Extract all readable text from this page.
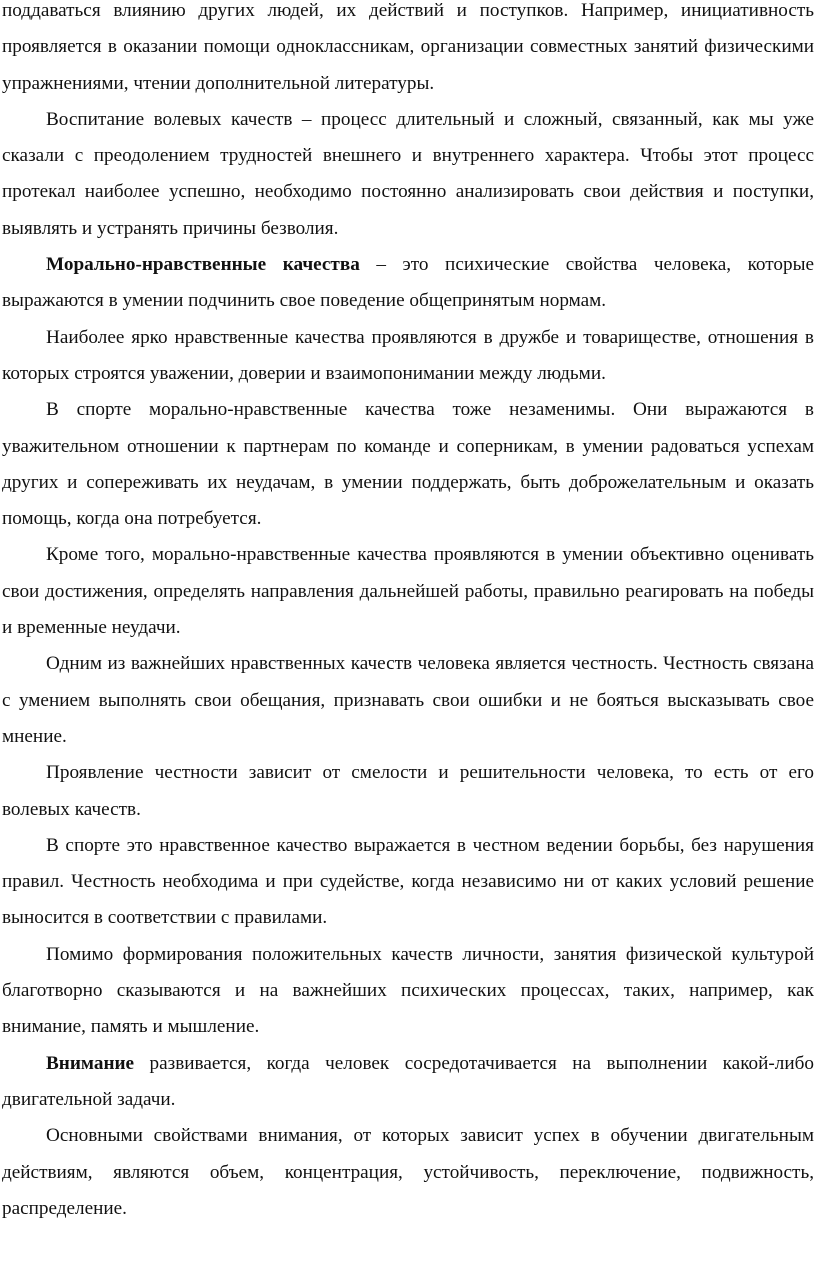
поддаваться влиянию других людей, их действий и поступков. Например, инициативность проявляется в оказании помощи одноклассникам, организации совместных занятий физическими упражнениями, чтении дополнительной литературы.

Воспитание волевых качеств – процесс длительный и сложный, связанный, как мы уже сказали с преодолением трудностей внешнего и внутреннего характера. Чтобы этот процесс протекал наиболее успешно, необходимо постоянно анализировать свои действия и поступки, выявлять и устранять причины безволия.

Морально-нравственные качества – это психические свойства человека, которые выражаются в умении подчинить свое поведение общепринятым нормам.

Наиболее ярко нравственные качества проявляются в дружбе и товариществе, отношения в которых строятся уважении, доверии и взаимопонимании между людьми.

В спорте морально-нравственные качества тоже незаменимы. Они выражаются в уважительном отношении к партнерам по команде и соперникам, в умении радоваться успехам других и сопереживать их неудачам, в умении поддержать, быть доброжелательным и оказать помощь, когда она потребуется.

Кроме того, морально-нравственные качества проявляются в умении объективно оценивать свои достижения, определять направления дальнейшей работы, правильно реагировать на победы и временные неудачи.

Одним из важнейших нравственных качеств человека является честность. Честность связана с умением выполнять свои обещания, признавать свои ошибки и не бояться высказывать свое мнение.

Проявление честности зависит от смелости и решительности человека, то есть от его волевых качеств.

В спорте это нравственное качество выражается в честном ведении борьбы, без нарушения правил. Честность необходима и при судействе, когда независимо ни от каких условий решение выносится в соответствии с правилами.

Помимо формирования положительных качеств личности, занятия физической культурой благотворно сказываются и на важнейших психических процессах, таких, например, как внимание, память и мышление.

Внимание развивается, когда человек сосредотачивается на выполнении какой-либо двигательной задачи.

Основными свойствами внимания, от которых зависит успех в обучении двигательным действиям, являются объем, концентрация, устойчивость, переключение, подвижность, распределение.
